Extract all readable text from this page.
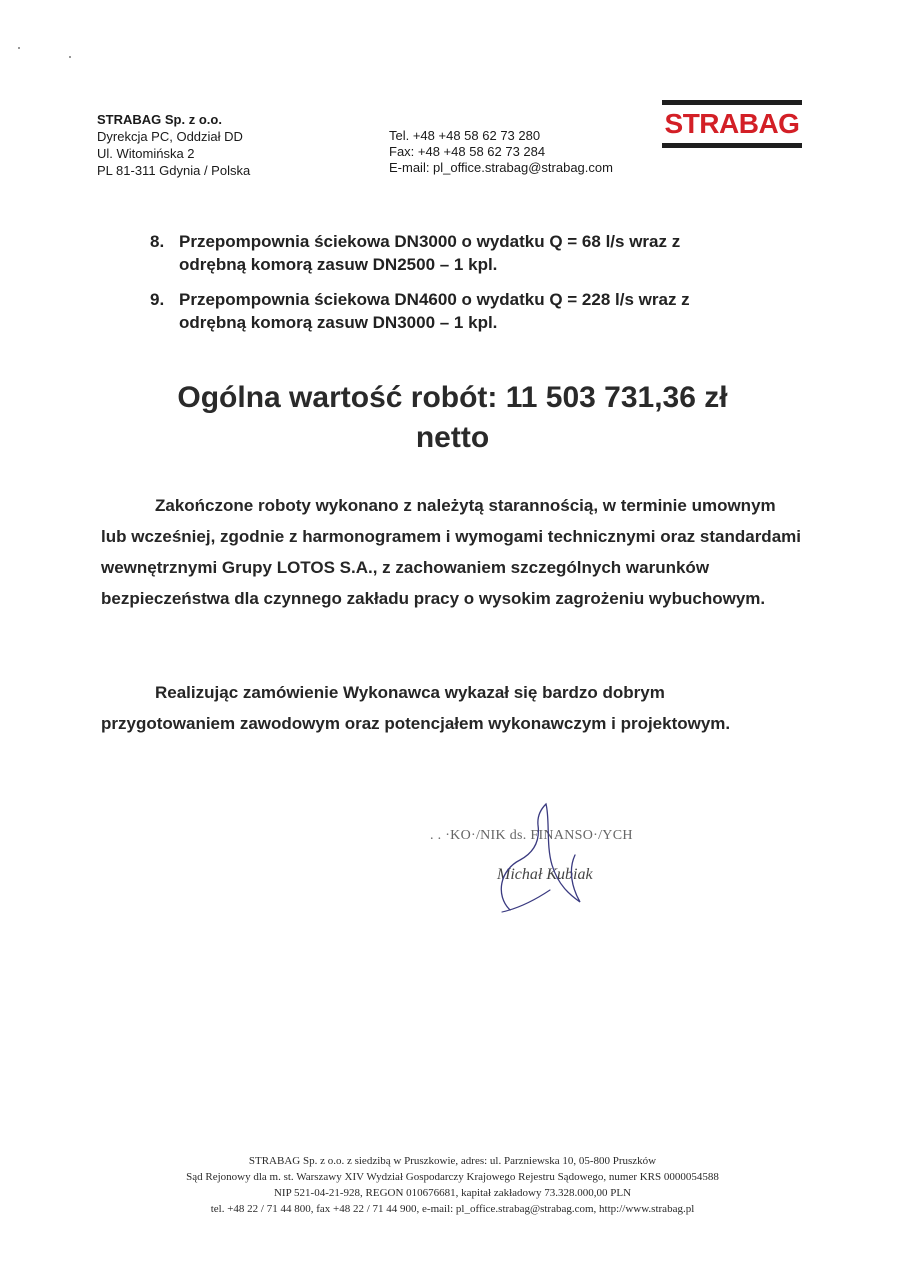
STRABAG Sp. z o.o.
Dyrekcja PC, Oddział DD
Ul. Witomińska 2
PL 81-311 Gdynia / Polska
Tel. +48 +48 58 62 73 280
Fax: +48 +48 58 62 73 284
E-mail: pl_office.strabag@strabag.com
STRABAG
8. Przepompownia ściekowa DN3000 o wydatku Q = 68 l/s wraz z odrębną komorą zasuw DN2500 – 1 kpl.
9. Przepompownia ściekowa DN4600 o wydatku Q = 228 l/s wraz z odrębną komorą zasuw DN3000 – 1 kpl.
Ogólna wartość robót: 11 503 731,36 zł
netto
Zakończone roboty wykonano z należytą starannością, w terminie umownym lub wcześniej, zgodnie z harmonogramem i wymogami technicznymi oraz standardami wewnętrznymi Grupy LOTOS S.A., z zachowaniem szczególnych warunków bezpieczeństwa dla czynnego zakładu pracy o wysokim zagrożeniu wybuchowym.
Realizując zamówienie Wykonawca wykazał się bardzo dobrym przygotowaniem zawodowym oraz potencjałem wykonawczym i projektowym.
. . ·KO·/NIK ds. FINANSO·/YCH
Michał Kubiak
STRABAG Sp. z o.o. z siedzibą w Pruszkowie, adres: ul. Parzniewska 10, 05-800 Pruszków
Sąd Rejonowy dla m. st. Warszawy XIV Wydział Gospodarczy Krajowego Rejestru Sądowego, numer KRS 0000054588
NIP 521-04-21-928, REGON 010676681, kapitał zakładowy 73.328.000,00 PLN
tel. +48 22 / 71 44 800, fax +48 22 / 71 44 900, e-mail: pl_office.strabag@strabag.com, http://www.strabag.pl
